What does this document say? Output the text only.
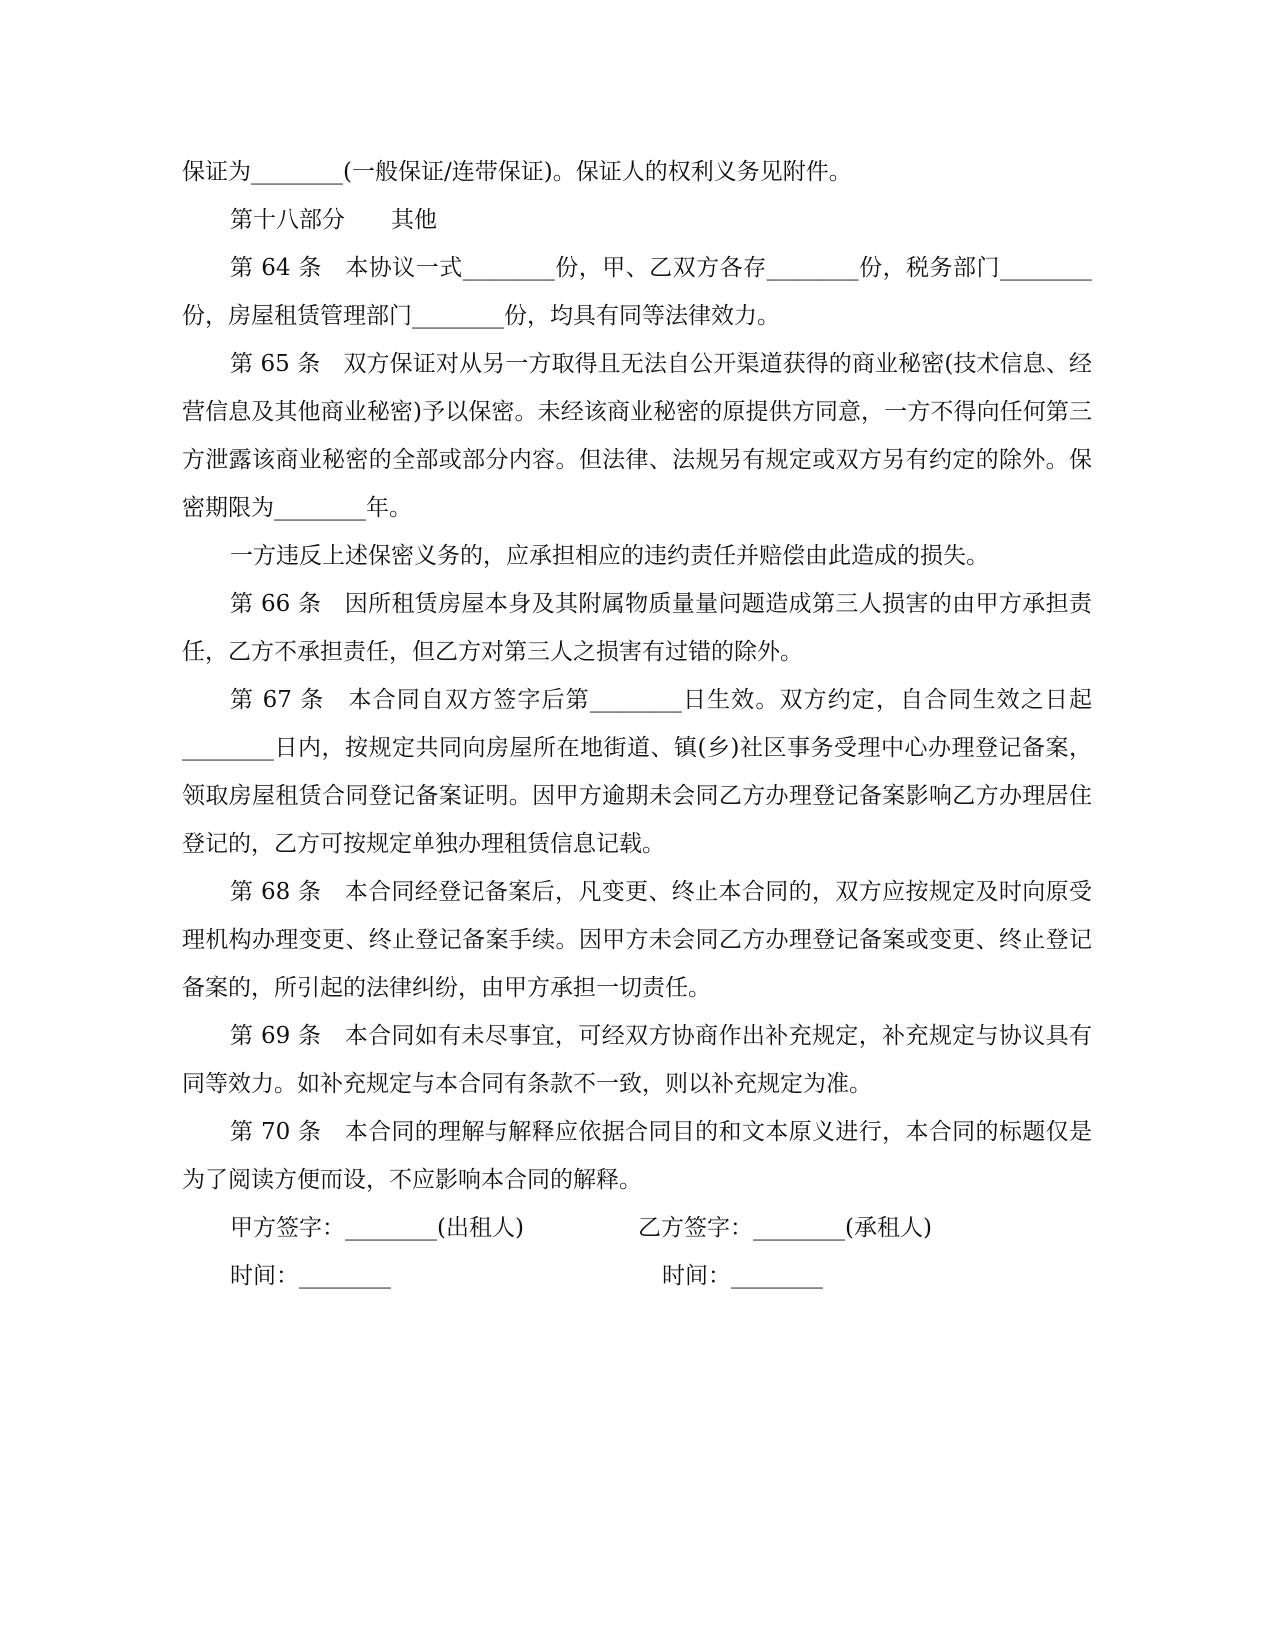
保证为________(一般保证/连带保证)。保证人的权利义务见附件。

第十八部分　　其他

第 64 条　本协议一式________份，甲、乙双方各存________份，税务部门________份，房屋租赁管理部门________份，均具有同等法律效力。

第 65 条　双方保证对从另一方取得且无法自公开渠道获得的商业秘密(技术信息、经营信息及其他商业秘密)予以保密。未经该商业秘密的原提供方同意，一方不得向任何第三方泄露该商业秘密的全部或部分内容。但法律、法规另有规定或双方另有约定的除外。保密期限为________年。

一方违反上述保密义务的，应承担相应的违约责任并赔偿由此造成的损失。

第 66 条　因所租赁房屋本身及其附属物质量量问题造成第三人损害的由甲方承担责任，乙方不承担责任，但乙方对第三人之损害有过错的除外。

第 67 条　本合同自双方签字后第________日生效。双方约定，自合同生效之日起________日内，按规定共同向房屋所在地街道、镇(乡)社区事务受理中心办理登记备案，领取房屋租赁合同登记备案证明。因甲方逾期未会同乙方办理登记备案影响乙方办理居住登记的，乙方可按规定单独办理租赁信息记载。

第 68 条　本合同经登记备案后，凡变更、终止本合同的，双方应按规定及时向原受理机构办理变更、终止登记备案手续。因甲方未会同乙方办理登记备案或变更、终止登记备案的，所引起的法律纠纷，由甲方承担一切责任。

第 69 条　本合同如有未尽事宜，可经双方协商作出补充规定，补充规定与协议具有同等效力。如补充规定与本合同有条款不一致，则以补充规定为准。

第 70 条　本合同的理解与解释应依据合同目的和文本原义进行，本合同的标题仅是为了阅读方便而设，不应影响本合同的解释。

甲方签字：________(出租人)

	乙方签字：________(承租人)

时间：________

	时间：________
